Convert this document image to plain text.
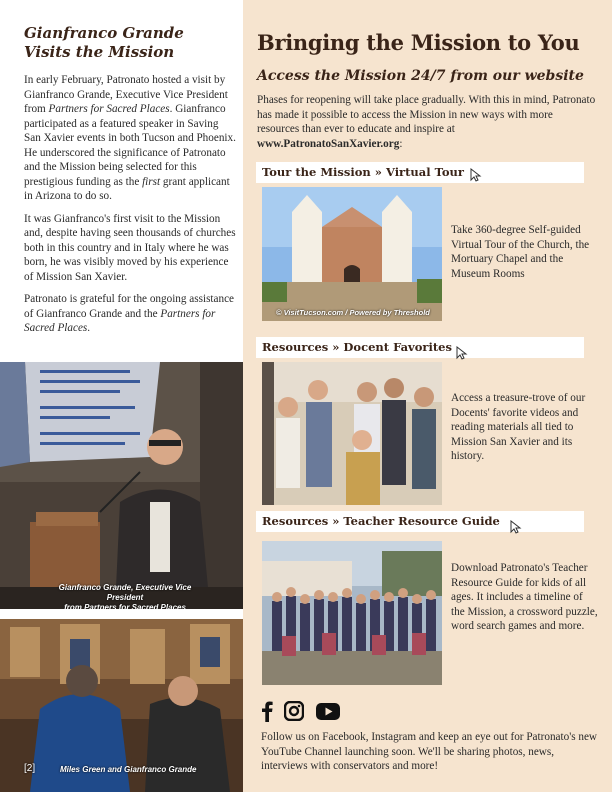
Gianfranco Grande
Visits the Mission

In early February, Patronato hosted a visit by Gianfranco Grande, Executive Vice President from Partners for Sacred Places. Gianfranco participated as a featured speaker in Saving San Xavier events in both Tucson and Phoenix. He underscored the significance of Patronato and the Mission being selected for this prestigious funding as the first grant applicant in Arizona to do so.

It was Gianfranco's first visit to the Mission and, despite having seen thousands of churches both in this country and in Italy where he was born, he was visibly moved by his experience of Mission San Xavier.

Patronato is grateful for the ongoing assistance of Gianfranco Grande and the Partners for Sacred Places.

Gianfranco Grande, Executive Vice President
from Partners for Sacred Places
Miles Green and Gianfranco Grande
[2]
Bringing the Mission to You
Access the Mission 24/7 from our website
Phases for reopening will take place gradually. With this in mind, Patronato has made it possible to access the Mission in new ways with more resources than ever to educate and inspire at www.PatronatoSanXavier.org:
Tour the Mission » Virtual Tour
© VisitTucson.com / Powered by Threshold
Take 360-degree Self-guided Virtual Tour of the Church, the Mortuary Chapel and the Museum Rooms
Resources » Docent Favorites
Access a treasure-trove of our Docents' favorite videos and reading materials all tied to Mission San Xavier and its history.
Resources » Teacher Resource Guide
Download Patronato's Teacher Resource Guide for kids of all ages. It includes a timeline of the Mission, a crossword puzzle, word search games and more.
Follow us on Facebook, Instagram and keep an eye out for Patronato's new YouTube Channel launching soon. We'll be sharing photos, news, interviews with conservators and more!
